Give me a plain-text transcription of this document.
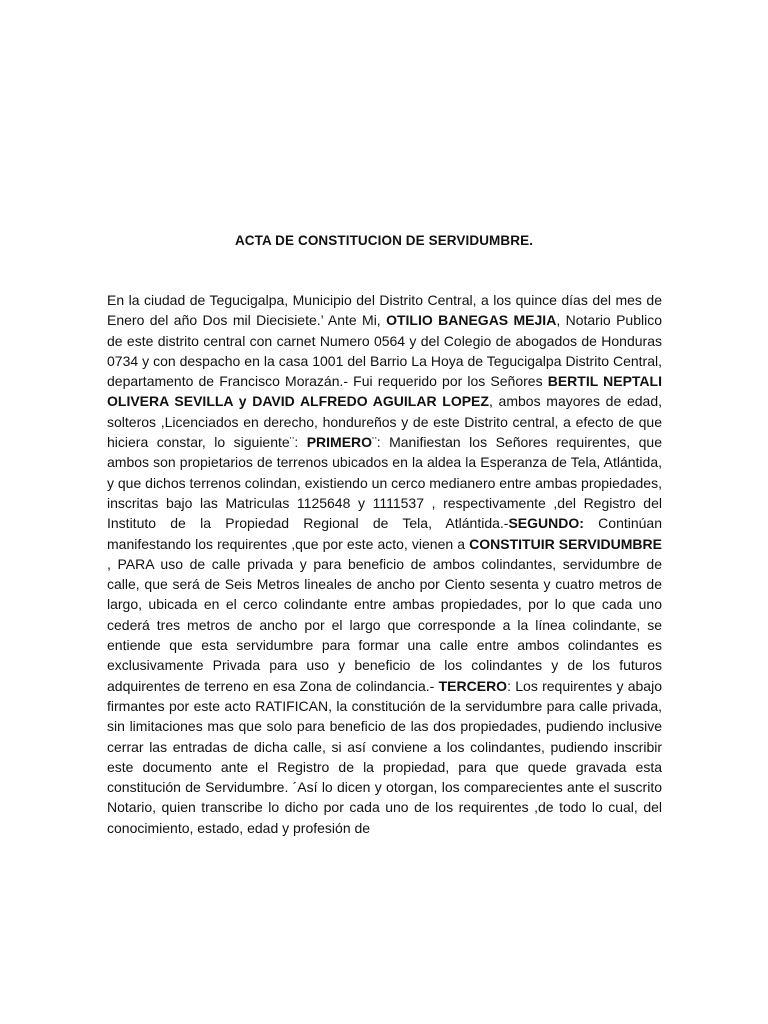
ACTA DE CONSTITUCION DE SERVIDUMBRE.
En la ciudad de Tegucigalpa, Municipio del Distrito Central, a los quince días del mes de Enero del año Dos mil Diecisiete.’ Ante Mi, OTILIO BANEGAS MEJIA, Notario Publico de este distrito central con carnet Numero 0564 y del Colegio de abogados de Honduras 0734 y con despacho en la casa 1001 del Barrio La Hoya de Tegucigalpa Distrito Central, departamento de Francisco Morazán.- Fui requerido por los Señores BERTIL NEPTALI OLIVERA SEVILLA y DAVID ALFREDO AGUILAR LOPEZ, ambos mayores de edad, solteros ,Licenciados en derecho, hondureños y de este Distrito central, a efecto de que hiciera constar, lo siguiente¨: PRIMERO¨: Manifiestan los Señores requirentes, que ambos son propietarios de terrenos ubicados en la aldea la Esperanza de Tela, Atlántida, y que dichos terrenos colindan, existiendo un cerco medianero entre ambas propiedades, inscritas bajo las Matriculas 1125648 y 1111537 , respectivamente ,del Registro del Instituto de la Propiedad Regional de Tela, Atlántida.-SEGUNDO: Continúan manifestando los requirentes ,que por este acto, vienen a CONSTITUIR SERVIDUMBRE , PARA uso de calle privada y para beneficio de ambos colindantes, servidumbre de calle, que será de Seis Metros lineales de ancho por Ciento sesenta y cuatro metros de largo, ubicada en el cerco colindante entre ambas propiedades, por lo que cada uno cederá tres metros de ancho por el largo que corresponde a la línea colindante, se entiende que esta servidumbre para formar una calle entre ambos colindantes es exclusivamente Privada para uso y beneficio de los colindantes y de los futuros adquirentes de terreno en esa Zona de colindancia.- TERCERO: Los requirentes y abajo firmantes por este acto RATIFICAN, la constitución de la servidumbre para calle privada, sin limitaciones mas que solo para beneficio de las dos propiedades, pudiendo inclusive cerrar las entradas de dicha calle, si así conviene a los colindantes, pudiendo inscribir este documento ante el Registro de la propiedad, para que quede gravada esta constitución de Servidumbre. ´Así lo dicen y otorgan, los comparecientes ante el suscrito Notario, quien transcribe lo dicho por cada uno de los requirentes ,de todo lo cual, del conocimiento, estado, edad y profesión de
